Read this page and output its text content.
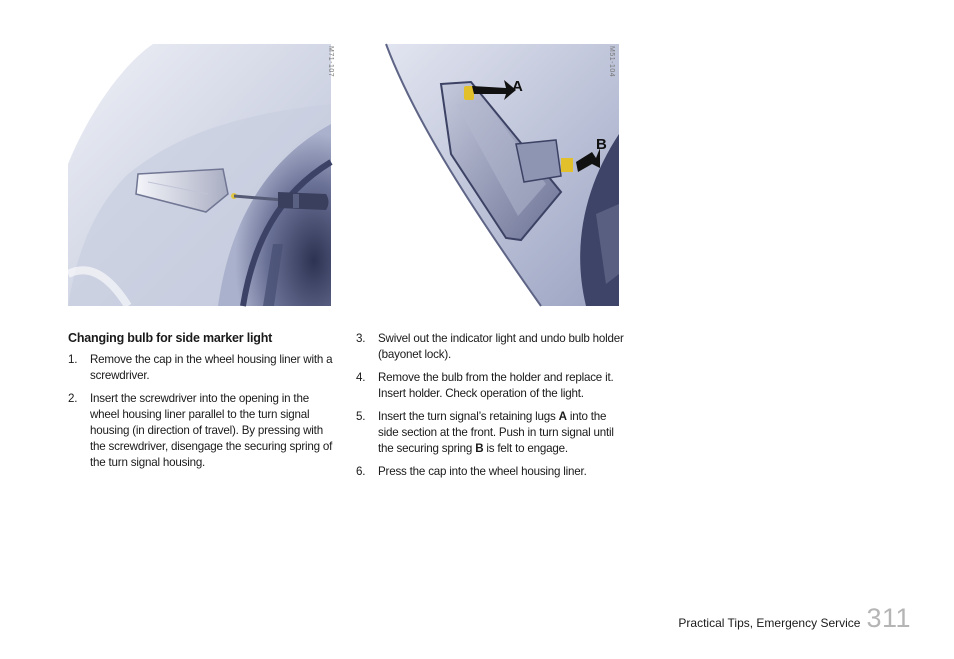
M71-107
A
B
M51-104
Changing bulb for side marker light
1. Remove the cap in the wheel housing liner with a screwdriver.
2. Insert the screwdriver into the opening in the wheel housing liner parallel to the turn signal housing (in direction of travel). By pressing with the screwdriver, disengage the securing spring of the turn signal housing.
3. Swivel out the indicator light and undo bulb holder (bayonet lock).
4. Remove the bulb from the holder and replace it. Insert holder. Check operation of the light.
5. Insert the turn signal’s retaining lugs A into the side section at the front. Push in turn signal until the securing spring B is felt to engage.
6. Press the cap into the wheel housing liner.
Practical Tips, Emergency Service 311
